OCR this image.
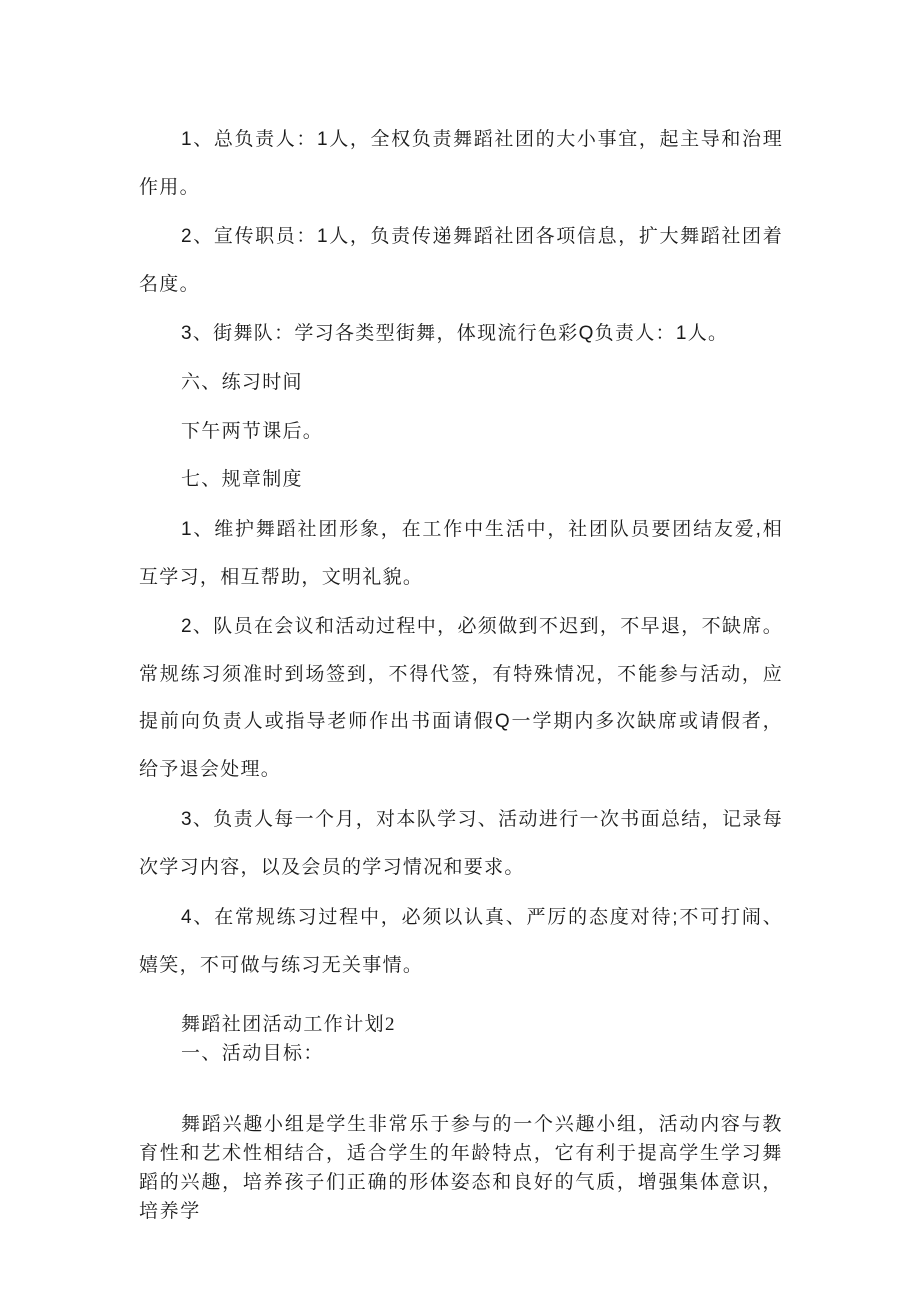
1、总负责人：1人，全权负责舞蹈社团的大小事宜，起主导和治理作用。

2、宣传职员：1人，负责传递舞蹈社团各项信息，扩大舞蹈社团着名度。

3、街舞队：学习各类型街舞，体现流行色彩Q负责人：1人。

六、练习时间

下午两节课后。

七、规章制度

1、维护舞蹈社团形象，在工作中生活中，社团队员要团结友爱,相互学习，相互帮助，文明礼貌。

2、队员在会议和活动过程中，必须做到不迟到，不早退，不缺席。常规练习须准时到场签到，不得代签，有特殊情况，不能参与活动，应提前向负责人或指导老师作出书面请假Q一学期内多次缺席或请假者，给予退会处理。

3、负责人每一个月，对本队学习、活动进行一次书面总结，记录每次学习内容，以及会员的学习情况和要求。

4、在常规练习过程中，必须以认真、严厉的态度对待;不可打闹、嬉笑，不可做与练习无关事情。

舞蹈社团活动工作计划2

一、活动目标：

舞蹈兴趣小组是学生非常乐于参与的一个兴趣小组，活动内容与教育性和艺术性相结合，适合学生的年龄特点，它有利于提高学生学习舞蹈的兴趣，培养孩子们正确的形体姿态和良好的气质，增强集体意识，培养学
